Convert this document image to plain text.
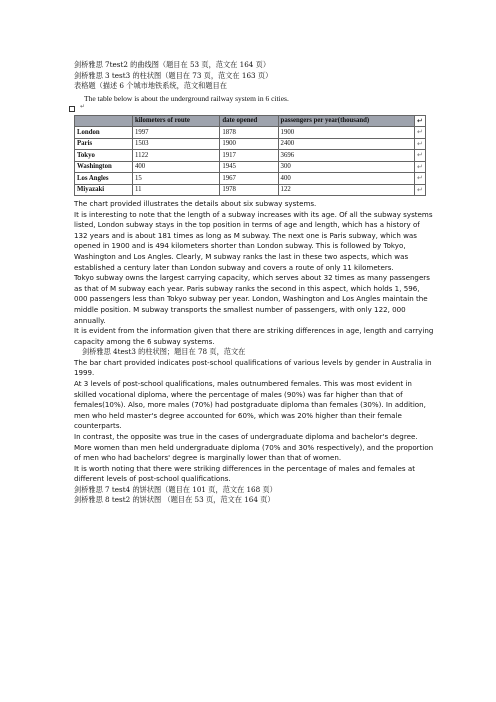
剑桥雅思 7test2 的曲线图（题目在 53 页，范文在 164 页）
剑桥雅思 3 test3 的柱状图（题目在 73 页，范文在 163 页）
表格题（描述 6 个城市地铁系统，范文和题目在
The table below is about the underground railway system in 6 cities.
↵
	kilometers of route	date opened	passengers per year(thousand)	↵
London	1997	1878	1900	↵
Paris	1503	1900	2400	↵
Tokyo	1122	1917	3696	↵
Washington	400	1945	300	↵
Los Angles	15	1967	400	↵
Miyazaki	11	1978	122	↵

The chart provided illustrates the details about six subway systems.

It is interesting to note that the length of a subway increases with its age. Of all the subway systems listed, London subway stays in the top position in terms of age and length, which has a history of 132 years and is about 181 times as long as M subway. The next one is Paris subway, which was opened in 1900 and is 494 kilometers shorter than London subway. This is followed by Tokyo, Washington and Los Angles. Clearly, M subway ranks the last in these two aspects, which was established a century later than London subway and covers a route of only 11 kilometers.

Tokyo subway owns the largest carrying capacity, which serves about 32 times as many passengers as that of M subway each year. Paris subway ranks the second in this aspect, which holds 1, 596, 000 passengers less than Tokyo subway per year. London, Washington and Los Angles maintain the middle position. M subway transports the smallest number of passengers, with only 122, 000 annually.

It is evident from the information given that there are striking differences in age, length and carrying capacity among the 6 subway systems.

剑桥雅思 4test3 的柱状图；题目在 78 页，范文在

The bar chart provided indicates post-school qualifications of various levels by gender in Australia in 1999.

At 3 levels of post-school qualifications, males outnumbered females. This was most evident in skilled vocational diploma, where the percentage of males (90%) was far higher than that of females(10%). Also, more males (70%) had postgraduate diploma than females (30%). In addition, men who held master's degree accounted for 60%, which was 20% higher than their female counterparts.

In contrast, the opposite was true in the cases of undergraduate diploma and bachelor's degree. More women than men held undergraduate diploma (70% and 30% respectively), and the proportion of men who had bachelors' degree is marginally lower than that of women.

It is worth noting that there were striking differences in the percentage of males and females at different levels of post-school qualifications.

剑桥雅思 7 test4 的饼状图（题目在 101 页，范文在 168 页）
剑桥雅思 8 test2 的饼状图 （题目在 53 页，范文在 164 页）
